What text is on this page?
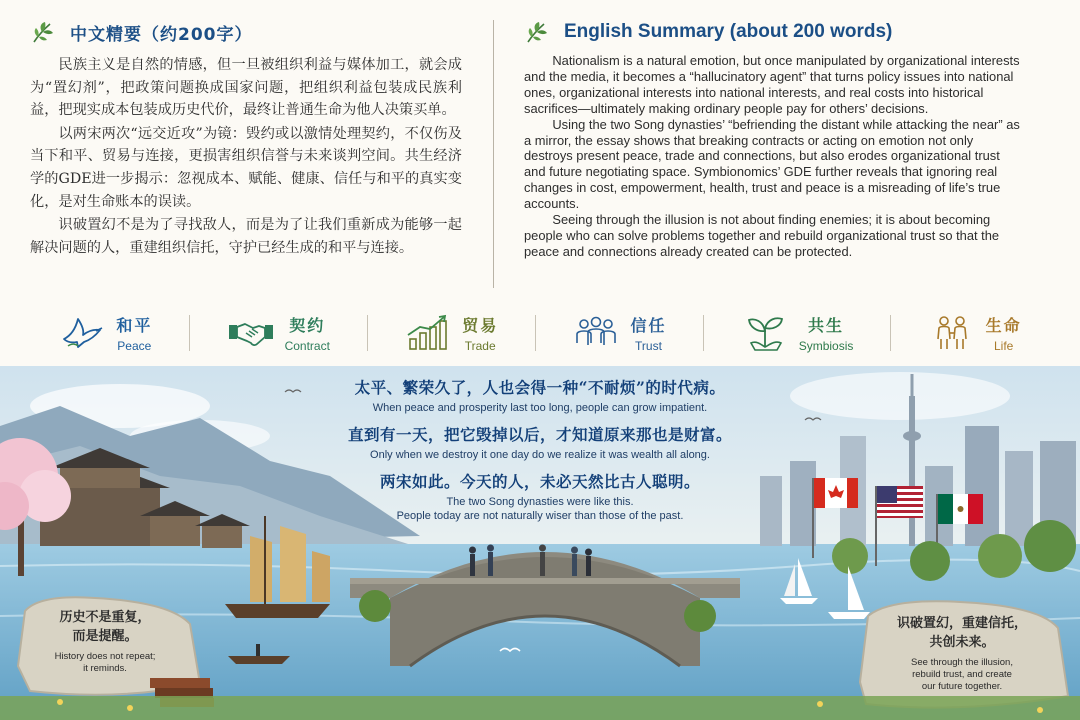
中文精要（约200字）

民族主义是自然的情感，但一旦被组织利益与媒体加工，就会成为“置幻剂”，把政策问题换成国家问题，把组织利益包装成民族利益，把现实成本包装成历史代价，最终让普通生命为他人决策买单。

以两宋两次“远交近攻”为镜：毁约或以激情处理契约，不仅伤及当下和平、贸易与连接，更损害组织信誉与未来谈判空间。共生经济学的GDE进一步揭示：忽视成本、赋能、健康、信任与和平的真实变化，是对生命账本的误读。

识破置幻不是为了寻找敌人，而是为了让我们重新成为能够一起解决问题的人，重建组织信托，守护已经生成的和平与连接。

English Summary (about 200 words)

Nationalism is a natural emotion, but once manipulated by organizational interests and the media, it becomes a “hallucinatory agent” that turns policy issues into national ones, organizational interests into national interests, and real costs into historical sacrifices—ultimately making ordinary people pay for others’ decisions.

Using the two Song dynasties’ “befriending the distant while attacking the near” as a mirror, the essay shows that breaking contracts or acting on emotion not only destroys present peace, trade and connections, but also erodes organizational trust and future negotiating space. Symbionomics’ GDE further reveals that ignoring real changes in cost, empowerment, health, trust and peace is a misreading of life’s true accounts.

Seeing through the illusion is not about finding enemies; it is about becoming people who can solve problems together and rebuild organizational trust so that the peace and connections already created can be protected.

和平
Peace
契约
Contract
贸易
Trade
信任
Trust
共生
Symbiosis
生命
Life
太平、繁荣久了，人也会得一种“不耐烦”的时代病。
When peace and prosperity last too long, people can grow impatient.
直到有一天，把它毁掉以后，才知道原来那也是财富。
Only when we destroy it one day do we realize it was wealth all along.
两宋如此。今天的人，未必天然比古人聪明。
The two Song dynasties were like this.
People today are not naturally wiser than those of the past.
历史不是重复，
而是提醒。
History does not repeat;
it reminds.
识破置幻，重建信托，
共创未来。
See through the illusion,
rebuild trust, and create
our future together.
